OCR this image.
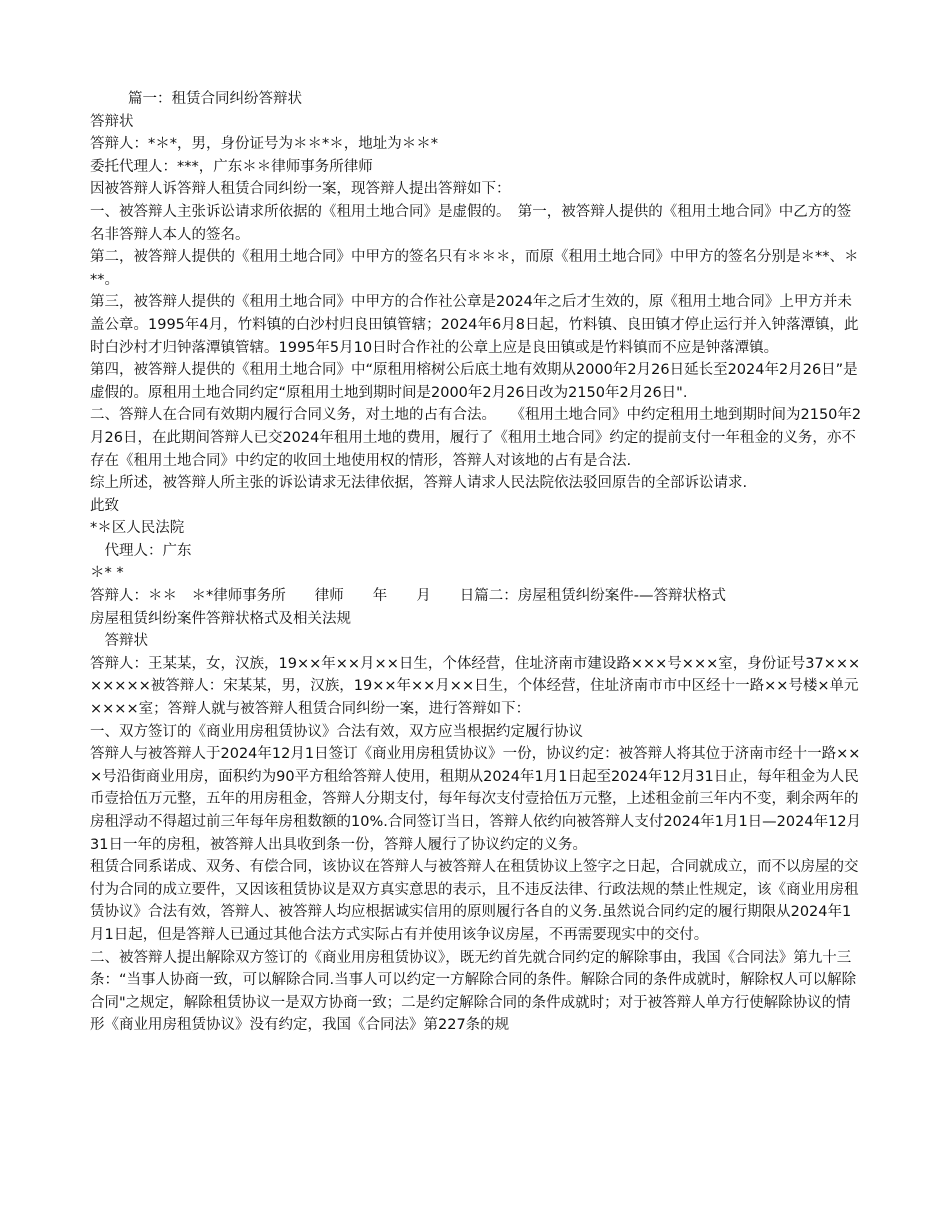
篇一：租赁合同纠纷答辩状

答辩状

答辩人：*＊*，男，身份证号为＊＊*＊，地址为＊＊*

委托代理人：***，广东＊＊律师事务所律师

因被答辩人诉答辩人租赁合同纠纷一案，现答辩人提出答辩如下：

一、被答辩人主张诉讼请求所依据的《租用土地合同》是虚假的。　第一，被答辩人提供的《租用土地合同》中乙方的签名非答辩人本人的签名。

第二，被答辩人提供的《租用土地合同》中甲方的签名只有＊＊＊，而原《租用土地合同》中甲方的签名分别是＊**、＊**。

第三，被答辩人提供的《租用土地合同》中甲方的合作社公章是2024年之后才生效的，原《租用土地合同》上甲方并未盖公章。1995年4月，竹料镇的白沙村归良田镇管辖；2024年6月8日起，竹料镇、良田镇才停止运行并入钟落潭镇，此时白沙村才归钟落潭镇管辖。1995年5月10日时合作社的公章上应是良田镇或是竹料镇而不应是钟落潭镇。

第四，被答辩人提供的《租用土地合同》中“原租用榕树公后底土地有效期从2000年2月26日延长至2024年2月26日”是虚假的。原租用土地合同约定“原租用土地到期时间是2000年2月26日改为2150年2月26日".

二、答辩人在合同有效期内履行合同义务，对土地的占有合法。　　《租用土地合同》中约定租用土地到期时间为2150年2月26日，在此期间答辩人已交2024年租用土地的费用，履行了《租用土地合同》约定的提前支付一年租金的义务，亦不存在《租用土地合同》中约定的收回土地使用权的情形，答辩人对该地的占有是合法.

综上所述，被答辩人所主张的诉讼请求无法律依据，答辩人请求人民法院依法驳回原告的全部诉讼请求.

此致

*＊区人民法院

　代理人：广东

＊* *

答辩人：＊＊　＊*律师事务所　　律师　　年　　月　　日篇二：房屋租赁纠纷案件-—答辩状格式

房屋租赁纠纷案件答辩状格式及相关法规

　答辩状

答辩人：王某某，女，汉族，19××年××月××日生，个体经营，住址济南市建设路×××号×××室，身份证号37××××××××被答辩人：宋某某，男，汉族，19××年××月××日生，个体经营，住址济南市市中区经十一路××号楼×单元××××室；答辩人就与被答辩人租赁合同纠纷一案，进行答辩如下：

一、双方签订的《商业用房租赁协议》合法有效，双方应当根据约定履行协议

答辩人与被答辩人于2024年12月1日签订《商业用房租赁协议》一份，协议约定：被答辩人将其位于济南市经十一路×××号沿街商业用房，面积约为90平方租给答辩人使用，租期从2024年1月1日起至2024年12月31日止，每年租金为人民币壹拾伍万元整，五年的用房租金，答辩人分期支付，每年每次支付壹拾伍万元整，上述租金前三年内不变，剩余两年的房租浮动不得超过前三年每年房租数额的10%.合同签订当日，答辩人依约向被答辩人支付2024年1月1日—2024年12月31日一年的房租，被答辩人出具收到条一份，答辩人履行了协议约定的义务。

租赁合同系诺成、双务、有偿合同，该协议在答辩人与被答辩人在租赁协议上签字之日起，合同就成立，而不以房屋的交付为合同的成立要件，又因该租赁协议是双方真实意思的表示，且不违反法律、行政法规的禁止性规定，该《商业用房租赁协议》合法有效，答辩人、被答辩人均应根据诚实信用的原则履行各自的义务.虽然说合同约定的履行期限从2024年1月1日起，但是答辩人已通过其他合法方式实际占有并使用该争议房屋，不再需要现实中的交付。

二、被答辩人提出解除双方签订的《商业用房租赁协议》，既无约首先就合同约定的解除事由，我国《合同法》第九十三条：“当事人协商一致，可以解除合同.当事人可以约定一方解除合同的条件。解除合同的条件成就时，解除权人可以解除合同"之规定，解除租赁协议一是双方协商一致；二是约定解除合同的条件成就时；对于被答辩人单方行使解除协议的情形《商业用房租赁协议》没有约定，我国《合同法》第227条的规
